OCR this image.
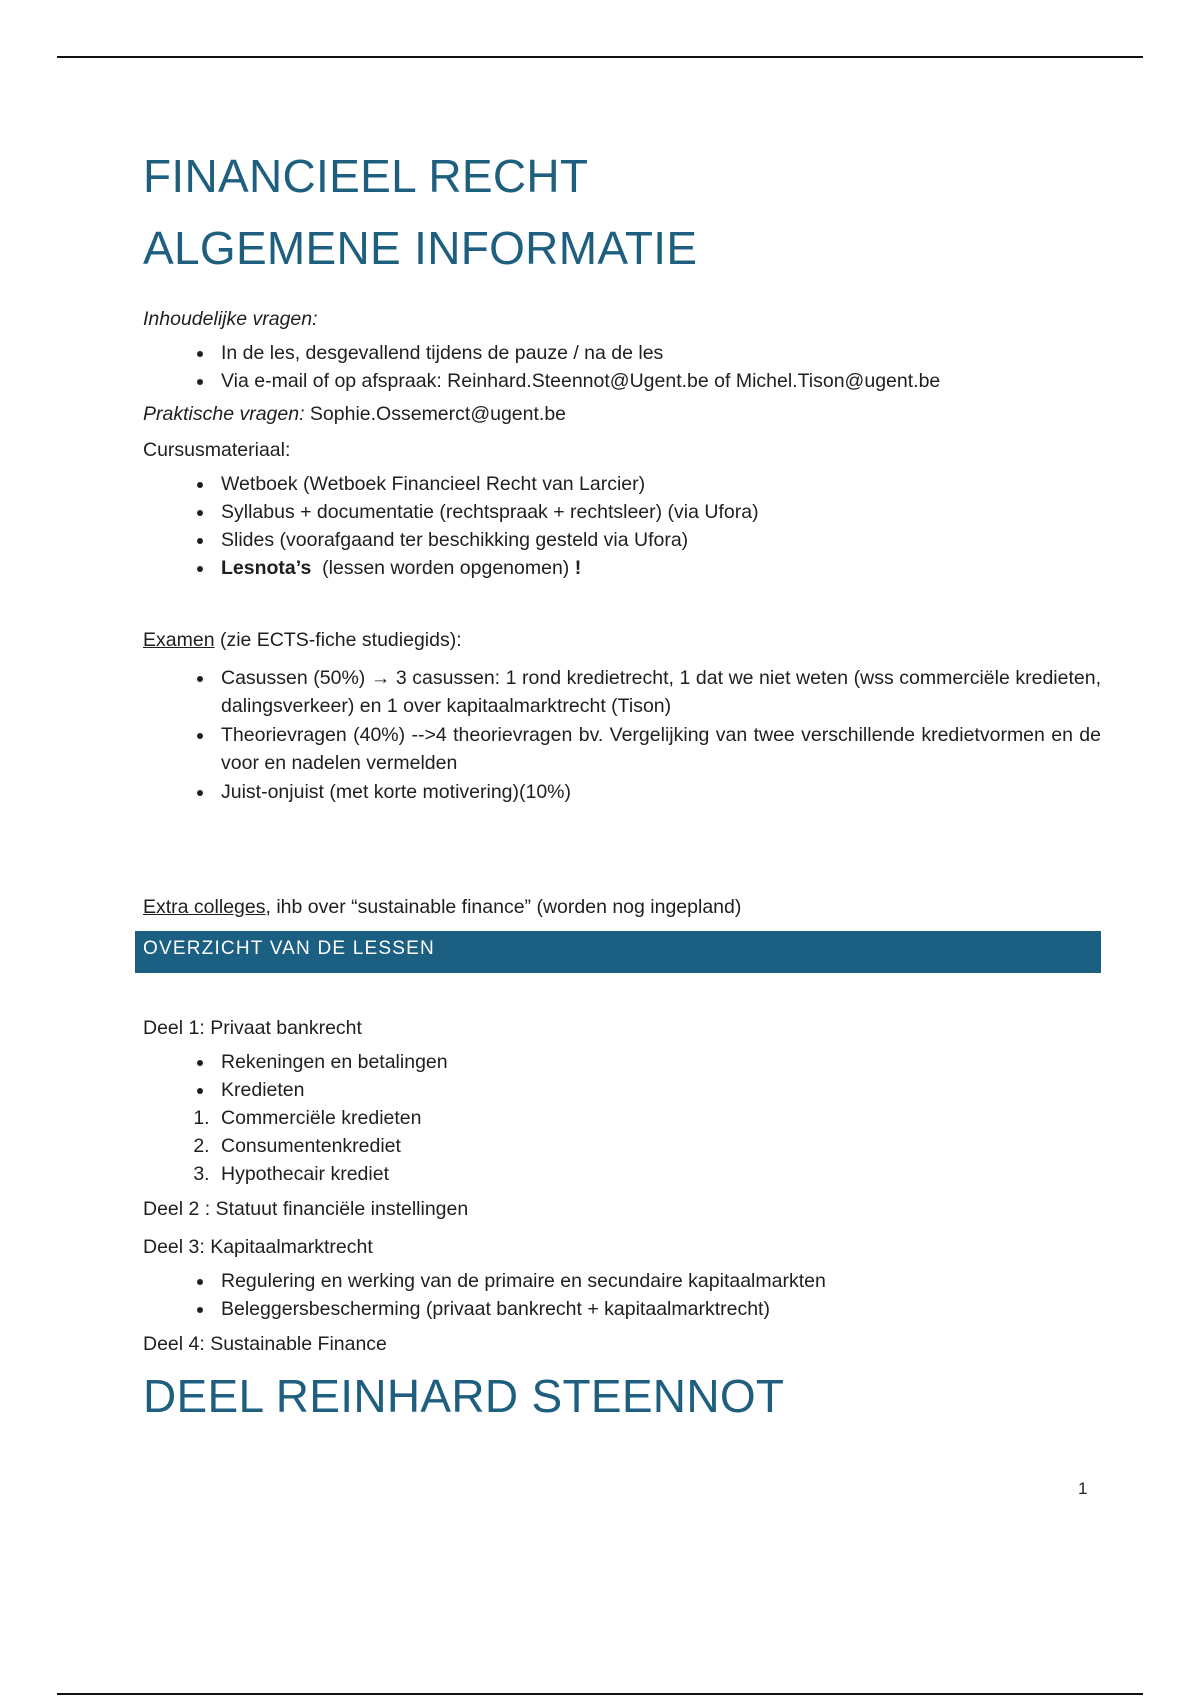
FINANCIEEL RECHT
ALGEMENE INFORMATIE

Inhoudelijke vragen:

• In de les, desgevallend tijdens de pauze / na de les
• Via e-mail of op afspraak: Reinhard.Steennot@Ugent.be of Michel.Tison@ugent.be

Praktische vragen: Sophie.Ossemerct@ugent.be

Cursusmateriaal:

• Wetboek (Wetboek Financieel Recht van Larcier)
• Syllabus + documentatie (rechtspraak + rechtsleer) (via Ufora)
• Slides (voorafgaand ter beschikking gesteld via Ufora)
• Lesnota’s  (lessen worden opgenomen) !

Examen (zie ECTS-fiche studiegids):

• Casussen (50%) → 3 casussen: 1 rond kredietrecht, 1 dat we niet weten (wss commerciële kredieten, dalingsverkeer) en 1 over kapitaalmarktrecht (Tison)
• Theorievragen (40%) -->4 theorievragen bv. Vergelijking van twee verschillende kredietvormen en de voor en nadelen vermelden
• Juist-onjuist (met korte motivering)(10%)

Extra colleges, ihb over “sustainable finance” (worden nog ingepland)

OVERZICHT VAN DE LESSEN

Deel 1: Privaat bankrecht

• Rekeningen en betalingen
• Kredieten
1. Commerciële kredieten
2. Consumentenkrediet
3. Hypothecair krediet

Deel 2 : Statuut financiële instellingen

Deel 3: Kapitaalmarktrecht

• Regulering en werking van de primaire en secundaire kapitaalmarkten
• Beleggersbescherming (privaat bankrecht + kapitaalmarktrecht)

Deel 4: Sustainable Finance

DEEL REINHARD STEENNOT
1
